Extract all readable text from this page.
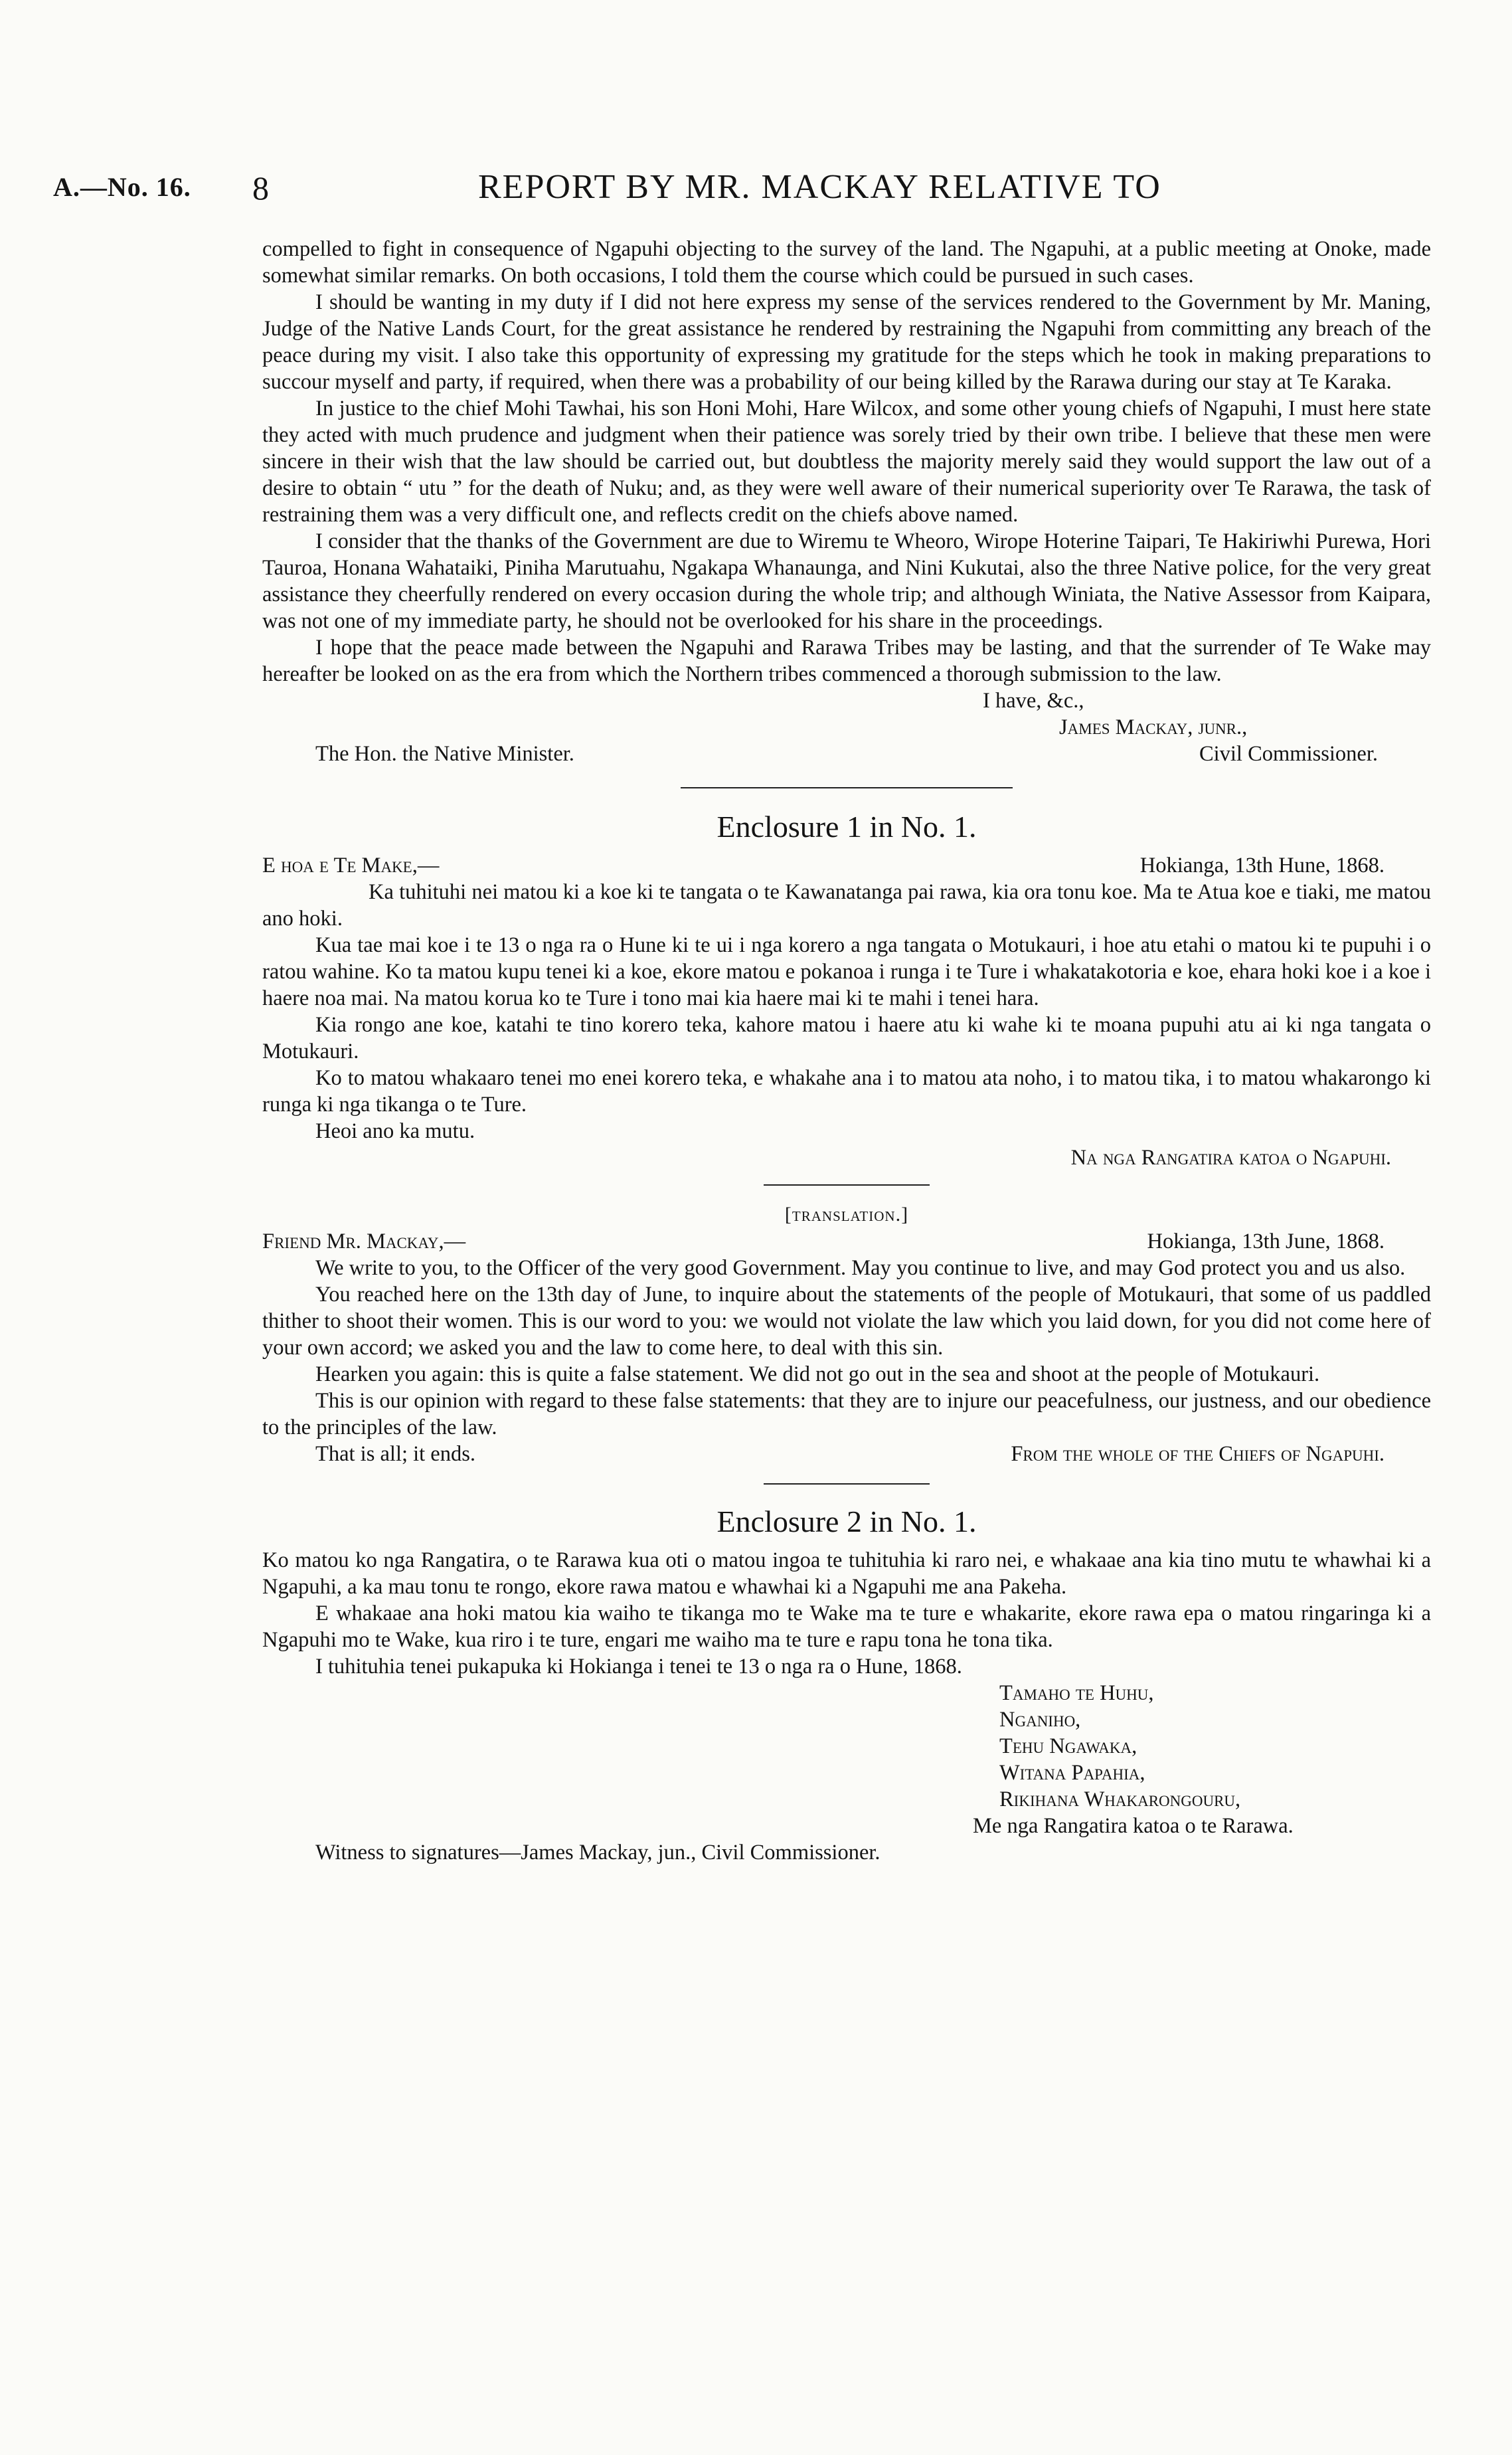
A.—No. 16. 8	REPORT BY MR. MACKAY RELATIVE TO

compelled to fight in consequence of Ngapuhi objecting to the survey of the land. The Ngapuhi, at a public meeting at Onoke, made somewhat similar remarks. On both occasions, I told them the course which could be pursued in such cases.

I should be wanting in my duty if I did not here express my sense of the services rendered to the Government by Mr. Maning, Judge of the Native Lands Court, for the great assistance he rendered by restraining the Ngapuhi from committing any breach of the peace during my visit. I also take this opportunity of expressing my gratitude for the steps which he took in making preparations to succour myself and party, if required, when there was a probability of our being killed by the Rarawa during our stay at Te Karaka.

In justice to the chief Mohi Tawhai, his son Honi Mohi, Hare Wilcox, and some other young chiefs of Ngapuhi, I must here state they acted with much prudence and judgment when their patience was sorely tried by their own tribe. I believe that these men were sincere in their wish that the law should be carried out, but doubtless the majority merely said they would support the law out of a desire to obtain “ utu ” for the death of Nuku; and, as they were well aware of their numerical superiority over Te Rarawa, the task of restraining them was a very difficult one, and reflects credit on the chiefs above named.

I consider that the thanks of the Government are due to Wiremu te Wheoro, Wirope Hoterine Taipari, Te Hakiriwhi Purewa, Hori Tauroa, Honana Wahataiki, Piniha Marutuahu, Ngakapa Whanaunga, and Nini Kukutai, also the three Native police, for the very great assistance they cheerfully rendered on every occasion during the whole trip; and although Winiata, the Native Assessor from Kaipara, was not one of my immediate party, he should not be overlooked for his share in the proceedings.

I hope that the peace made between the Ngapuhi and Rarawa Tribes may be lasting, and that the surrender of Te Wake may hereafter be looked on as the era from which the Northern tribes commenced a thorough submission to the law.

I have, &c.,
James Mackay, junr.,
The Hon. the Native Minister.	Civil Commissioner.
Enclosure 1 in No. 1.
E hoa e Te Make,—	Hokianga, 13th Hune, 1868.

Ka tuhituhi nei matou ki a koe ki te tangata o te Kawanatanga pai rawa, kia ora tonu koe. Ma te Atua koe e tiaki, me matou ano hoki.

Kua tae mai koe i te 13 o nga ra o Hune ki te ui i nga korero a nga tangata o Motukauri, i hoe atu etahi o matou ki te pupuhi i o ratou wahine. Ko ta matou kupu tenei ki a koe, ekore matou e pokanoa i runga i te Ture i whakatakotoria e koe, ehara hoki koe i a koe i haere noa mai. Na matou korua ko te Ture i tono mai kia haere mai ki te mahi i tenei hara.

Kia rongo ane koe, katahi te tino korero teka, kahore matou i haere atu ki wahe ki te moana pupuhi atu ai ki nga tangata o Motukauri.

Ko to matou whakaaro tenei mo enei korero teka, e whakahe ana i to matou ata noho, i to matou tika, i to matou whakarongo ki runga ki nga tikanga o te Ture.

Heoi ano ka mutu.

Na nga Rangatira katoa o Ngapuhi.
[translation.]
Friend Mr. Mackay,—	Hokianga, 13th June, 1868.

We write to you, to the Officer of the very good Government. May you continue to live, and may God protect you and us also.

You reached here on the 13th day of June, to inquire about the statements of the people of Motukauri, that some of us paddled thither to shoot their women. This is our word to you: we would not violate the law which you laid down, for you did not come here of your own accord; we asked you and the law to come here, to deal with this sin.

Hearken you again: this is quite a false statement. We did not go out in the sea and shoot at the people of Motukauri.

This is our opinion with regard to these false statements: that they are to injure our peacefulness, our justness, and our obedience to the principles of the law.

That is all; it ends.	From the whole of the Chiefs of Ngapuhi.
Enclosure 2 in No. 1.

Ko matou ko nga Rangatira, o te Rarawa kua oti o matou ingoa te tuhituhia ki raro nei, e whakaae ana kia tino mutu te whawhai ki a Ngapuhi, a ka mau tonu te rongo, ekore rawa matou e whawhai ki a Ngapuhi me ana Pakeha.

E whakaae ana hoki matou kia waiho te tikanga mo te Wake ma te ture e whakarite, ekore rawa epa o matou ringaringa ki a Ngapuhi mo te Wake, kua riro i te ture, engari me waiho ma te ture e rapu tona he tona tika.

I tuhituhia tenei pukapuka ki Hokianga i tenei te 13 o nga ra o Hune, 1868.

Tamaho te Huhu,
Nganiho,
Tehu Ngawaka,
Witana Papahia,
Rikihana Whakarongouru,
Me nga Rangatira katoa o te Rarawa.
Witness to signatures—James Mackay, jun., Civil Commissioner.
